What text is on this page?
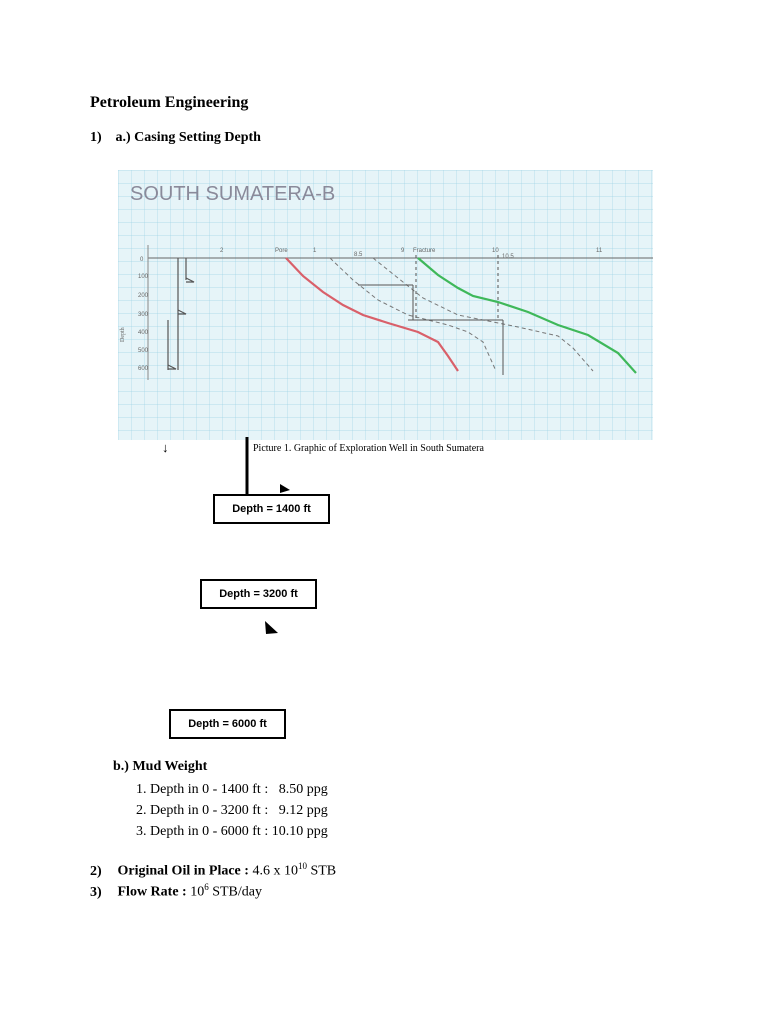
Petroleum Engineering
1) a.) Casing Setting Depth
SOUTH SUMATERA-B
Depth
0
100
200
300
400
500
600
2	Pore	1
8.5
9 Fracture	10
10.5
11
↓	Picture 1. Graphic of Exploration Well in South Sumatera
Depth = 1400 ft
Depth = 3200 ft
Depth = 6000 ft
b.) Mud Weight
1. Depth in 0 - 1400 ft :   8.50 ppg
2. Depth in 0 - 3200 ft :   9.12 ppg
3. Depth in 0 - 6000 ft : 10.10 ppg
2) Original Oil in Place : 4.6 x $10^{10}$ STB
3) Flow Rate : $10^6$ STB/day
